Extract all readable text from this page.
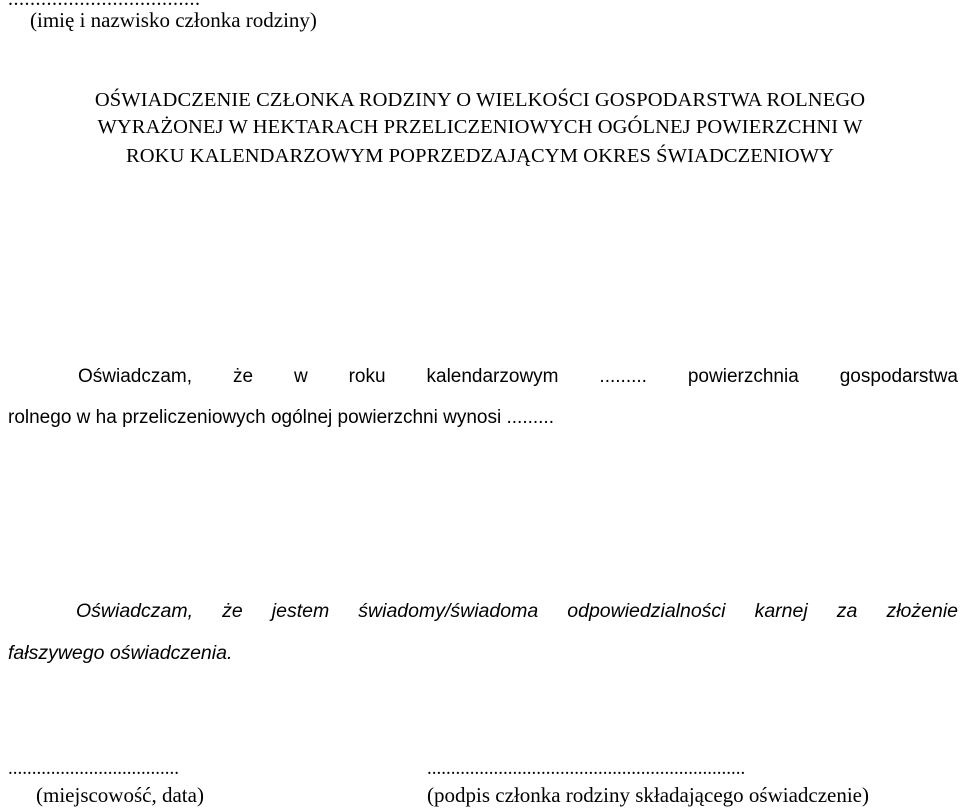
(imię i nazwisko członka rodziny)
OŚWIADCZENIE CZŁONKA RODZINY O WIELKOŚCI GOSPODARSTWA ROLNEGO
WYRAŻONEJ W HEKTARACH PRZELICZENIOWYCH OGÓLNEJ POWIERZCHNI W
ROKU KALENDARZOWYM POPRZEDZAJĄCYM OKRES ŚWIADCZENIOWY
Oświadczam, że w roku kalendarzowym ......... powierzchnia gospodarstwa
rolnego w ha przeliczeniowych ogólnej powierzchni wynosi .........
Oświadczam, że jestem świadomy/świadoma odpowiedzialności karnej za złożenie
fałszywego oświadczenia.
....................................	...................................................................
(miejscowość, data)	(podpis członka rodziny składającego oświadczenie)
